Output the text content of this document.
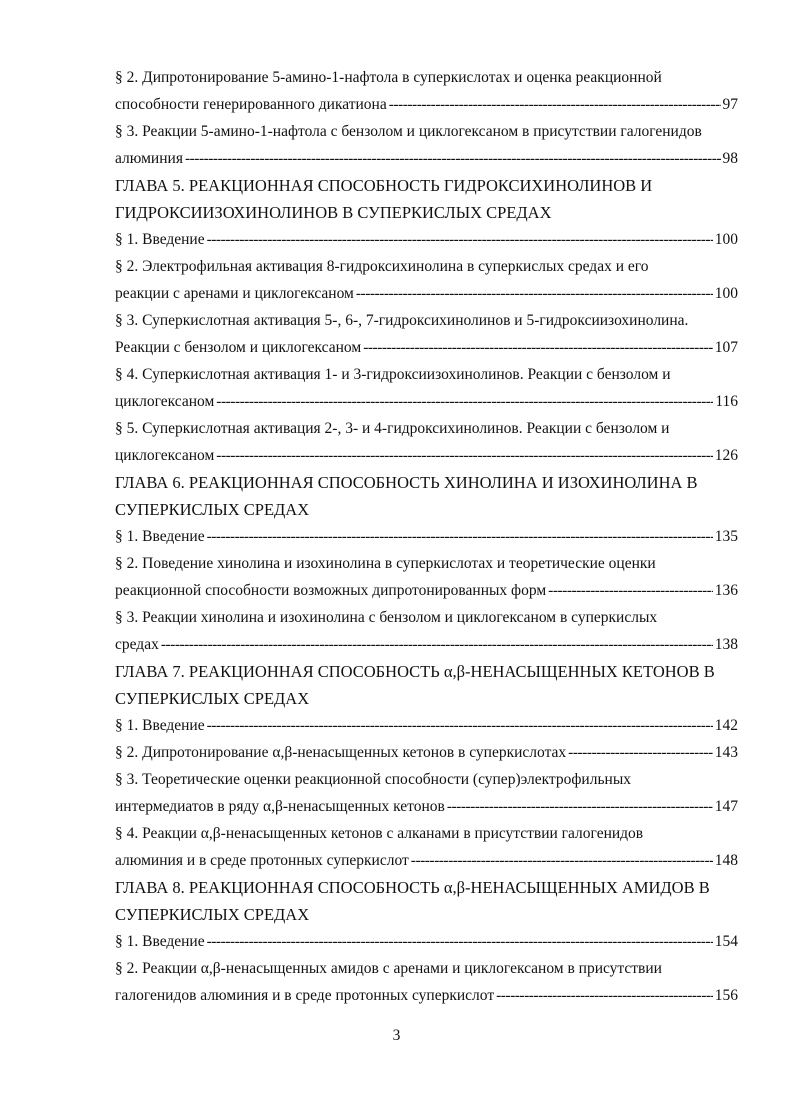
§ 2. Дипротонирование 5-амино-1-нафтола в суперкислотах и оценка реакционной
способности генерированного дикатиона -----	97
§ 3. Реакции 5-амино-1-нафтола с бензолом и циклогексаном в присутствии галогенидов
алюминия -----	98
ГЛАВА 5. РЕАКЦИОННАЯ СПОСОБНОСТЬ ГИДРОКСИХИНОЛИНОВ И
ГИДРОКСИИЗОХИНОЛИНОВ В СУПЕРКИСЛЫХ СРЕДАХ
§ 1. Введение -----	100
§ 2. Электрофильная активация 8-гидроксихинолина в суперкислых средах и его
реакции с аренами и циклогексаном -----	100
§ 3. Суперкислотная активация 5-, 6-, 7-гидроксихинолинов и 5-гидроксиизохинолина.
Реакции с бензолом и циклогексаном -----	107
§ 4. Суперкислотная активация 1- и 3-гидроксиизохинолинов. Реакции с бензолом и
циклогексаном -----	116
§ 5. Суперкислотная активация 2-, 3- и 4-гидроксихинолинов. Реакции с бензолом и
циклогексаном -----	126
ГЛАВА 6. РЕАКЦИОННАЯ СПОСОБНОСТЬ ХИНОЛИНА И ИЗОХИНОЛИНА В
СУПЕРКИСЛЫХ СРЕДАХ
§ 1. Введение -----	135
§ 2. Поведение хинолина и изохинолина в суперкислотах и теоретические оценки
реакционной способности возможных дипротонированных форм -----	136
§ 3. Реакции хинолина и изохинолина с бензолом и циклогексаном в суперкислых
средах -----	138
ГЛАВА 7. РЕАКЦИОННАЯ СПОСОБНОСТЬ α,β-НЕНАСЫЩЕННЫХ КЕТОНОВ В
СУПЕРКИСЛЫХ СРЕДАХ
§ 1. Введение -----	142
§ 2. Дипротонирование α,β-ненасыщенных кетонов в суперкислотах -----	143
§ 3. Теоретические оценки реакционной способности (супер)электрофильных
интермедиатов в ряду α,β-ненасыщенных кетонов -----	147
§ 4. Реакции α,β-ненасыщенных кетонов с алканами в присутствии галогенидов
алюминия и в среде протонных суперкислот -----	148
ГЛАВА 8. РЕАКЦИОННАЯ СПОСОБНОСТЬ α,β-НЕНАСЫЩЕННЫХ АМИДОВ В
СУПЕРКИСЛЫХ СРЕДАХ
§ 1. Введение -----	154
§ 2. Реакции α,β-ненасыщенных амидов с аренами и циклогексаном в присутствии
галогенидов алюминия и в среде протонных суперкислот -----	156
3
